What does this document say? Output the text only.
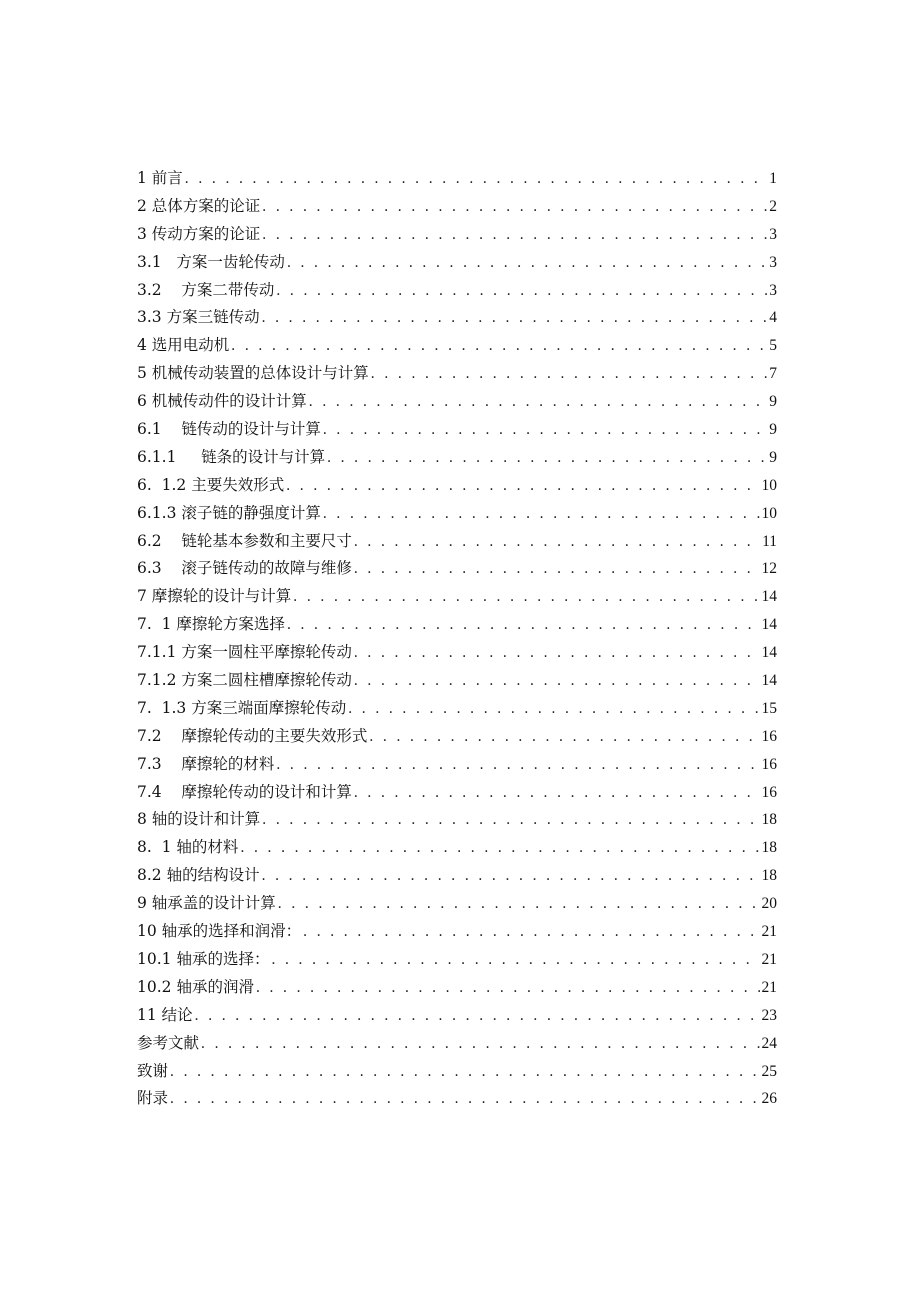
1 前言 . . .	1
2 总体方案的论证 . . .	2
3 传动方案的论证 . . .	3
3.1   方案一齿轮传动 . . .	3
3.2    方案二带传动 . . .	3
3.3 方案三链传动 . . .	4
4 选用电动机 . . .	5
5 机械传动装置的总体设计与计算 . . .	7
6 机械传动件的设计计算 . . .	9
6.1    链传动的设计与计算 . . .	9
6.1.1     链条的设计与计算 . . .	9
6.  1.2 主要失效形式 . . .	10
6.1.3 滚子链的静强度计算 . . .	10
6.2    链轮基本参数和主要尺寸 . . .	11
6.3    滚子链传动的故障与维修 . . .	12
7 摩擦轮的设计与计算 . . .	14
7.  1 摩擦轮方案选择 . . .	14
7.1.1 方案一圆柱平摩擦轮传动 . . .	14
7.1.2 方案二圆柱槽摩擦轮传动 . . .	14
7.  1.3 方案三端面摩擦轮传动 . . .	15
7.2    摩擦轮传动的主要失效形式 . . .	16
7.3    摩擦轮的材料 . . .	16
7.4    摩擦轮传动的设计和计算 . . .	16
8 轴的设计和计算 . . .	18
8.  1 轴的材料 . . .	18
8.2 轴的结构设计 . . .	18
9 轴承盖的设计计算 . . .	20
10 轴承的选择和润滑： . . .	21
10.1 轴承的选择： . . .	21
10.2 轴承的润滑 . . .	21
11 结论 . . .	23
参考文献 . . .	24
致谢 . . .	25
附录 . . .	26
